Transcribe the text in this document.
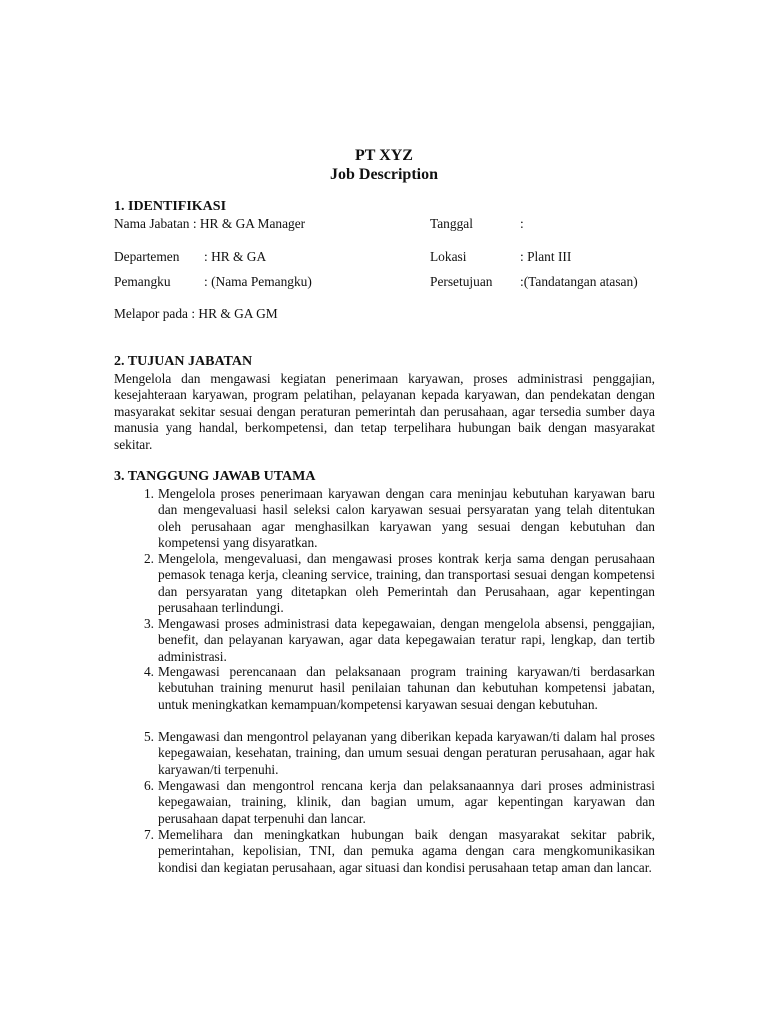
PT XYZ
Job Description
1. IDENTIFIKASI
Nama Jabatan : HR & GA Manager	Tanggal	:
Departemen : HR & GA	Lokasi	: Plant III
Pemangku : (Nama Pemangku)	Persetujuan :(Tandatangan atasan)
Melapor pada : HR & GA GM
2. TUJUAN JABATAN
Mengelola dan mengawasi kegiatan penerimaan karyawan, proses administrasi penggajian, kesejahteraan karyawan, program pelatihan, pelayanan kepada karyawan, dan pendekatan dengan masyarakat sekitar sesuai dengan peraturan pemerintah dan perusahaan, agar tersedia sumber daya manusia yang handal, berkompetensi, dan tetap terpelihara hubungan baik dengan masyarakat sekitar.
3. TANGGUNG JAWAB UTAMA
1. Mengelola proses penerimaan karyawan dengan cara meninjau kebutuhan karyawan baru dan mengevaluasi hasil seleksi calon karyawan sesuai persyaratan yang telah ditentukan oleh perusahaan agar menghasilkan karyawan yang sesuai dengan kebutuhan dan kompetensi yang disyaratkan.
2. Mengelola, mengevaluasi, dan mengawasi proses kontrak kerja sama dengan perusahaan pemasok tenaga kerja, cleaning service, training, dan transportasi sesuai dengan kompetensi dan persyaratan yang ditetapkan oleh Pemerintah dan Perusahaan, agar kepentingan perusahaan terlindungi.
3. Mengawasi proses administrasi data kepegawaian, dengan mengelola absensi, penggajian, benefit, dan pelayanan karyawan, agar data kepegawaian teratur rapi, lengkap, dan tertib administrasi.
4. Mengawasi perencanaan dan pelaksanaan program training karyawan/ti berdasarkan kebutuhan training menurut hasil penilaian tahunan dan kebutuhan kompetensi jabatan, untuk meningkatkan kemampuan/kompetensi karyawan sesuai dengan kebutuhan.
5. Mengawasi dan mengontrol pelayanan yang diberikan kepada karyawan/ti dalam hal proses kepegawaian, kesehatan, training, dan umum sesuai dengan peraturan perusahaan, agar hak karyawan/ti terpenuhi.
6. Mengawasi dan mengontrol rencana kerja dan pelaksanaannya dari proses administrasi kepegawaian, training, klinik, dan bagian umum, agar kepentingan karyawan dan perusahaan dapat terpenuhi dan lancar.
7. Memelihara dan meningkatkan hubungan baik dengan masyarakat sekitar pabrik, pemerintahan, kepolisian, TNI, dan pemuka agama dengan cara mengkomunikasikan kondisi dan kegiatan perusahaan, agar situasi dan kondisi perusahaan tetap aman dan lancar.
